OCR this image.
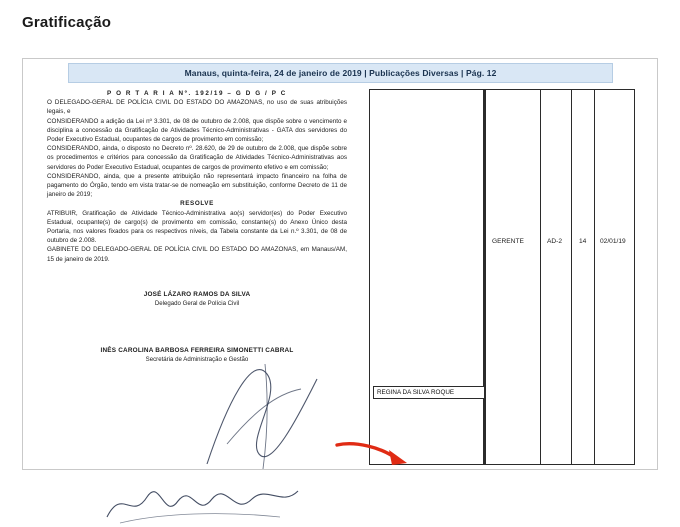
Gratificação
Manaus, quinta-feira, 24 de janeiro de 2019 | Publicações Diversas | Pág. 12

P O R T A R I A Nº. 192/19 – G D G / P C

O DELEGADO-GERAL DE POLÍCIA CIVIL DO ESTADO DO AMAZONAS, no uso de suas atribuições legais, e

CONSIDERANDO a adição da Lei nº 3.301, de 08 de outubro de 2.008, que dispõe sobre o vencimento e disciplina a concessão da Gratificação de Atividades Técnico-Administrativas - GATA dos servidores do Poder Executivo Estadual, ocupantes de cargos de provimento em comissão;

CONSIDERANDO, ainda, o disposto no Decreto nº. 28.620, de 29 de outubro de 2.008, que dispõe sobre os procedimentos e critérios para concessão da Gratificação de Atividades Técnico-Administrativas aos servidores do Poder Executivo Estadual, ocupantes de cargos de provimento efetivo e em comissão;

CONSIDERANDO, ainda, que a presente atribuição não representará impacto financeiro na folha de pagamento do Órgão, tendo em vista tratar-se de nomeação em substituição, conforme Decreto de 11 de janeiro de 2019;

RESOLVE

ATRIBUIR, Gratificação de Atividade Técnico-Administrativa ao(s) servidor(es) do Poder Executivo Estadual, ocupante(s) de cargo(s) de provimento em comissão, constante(s) do Anexo Único desta Portaria, nos valores fixados para os respectivos níveis, da Tabela constante da Lei n.º 3.301, de 08 de outubro de 2.008.

GABINETE DO DELEGADO-GERAL DE POLÍCIA CIVIL DO ESTADO DO AMAZONAS, em Manaus/AM, 15 de janeiro de 2019.

JOSÉ LÁZARO RAMOS DA SILVA
Delegado Geral de Polícia Civil
INÊS CAROLINA BARBOSA FERREIRA SIMONETTI CABRAL
Secretária de Administração e Gestão
GERENTE	AD-2	14 02/01/19
REGINA DA SILVA ROQUE
